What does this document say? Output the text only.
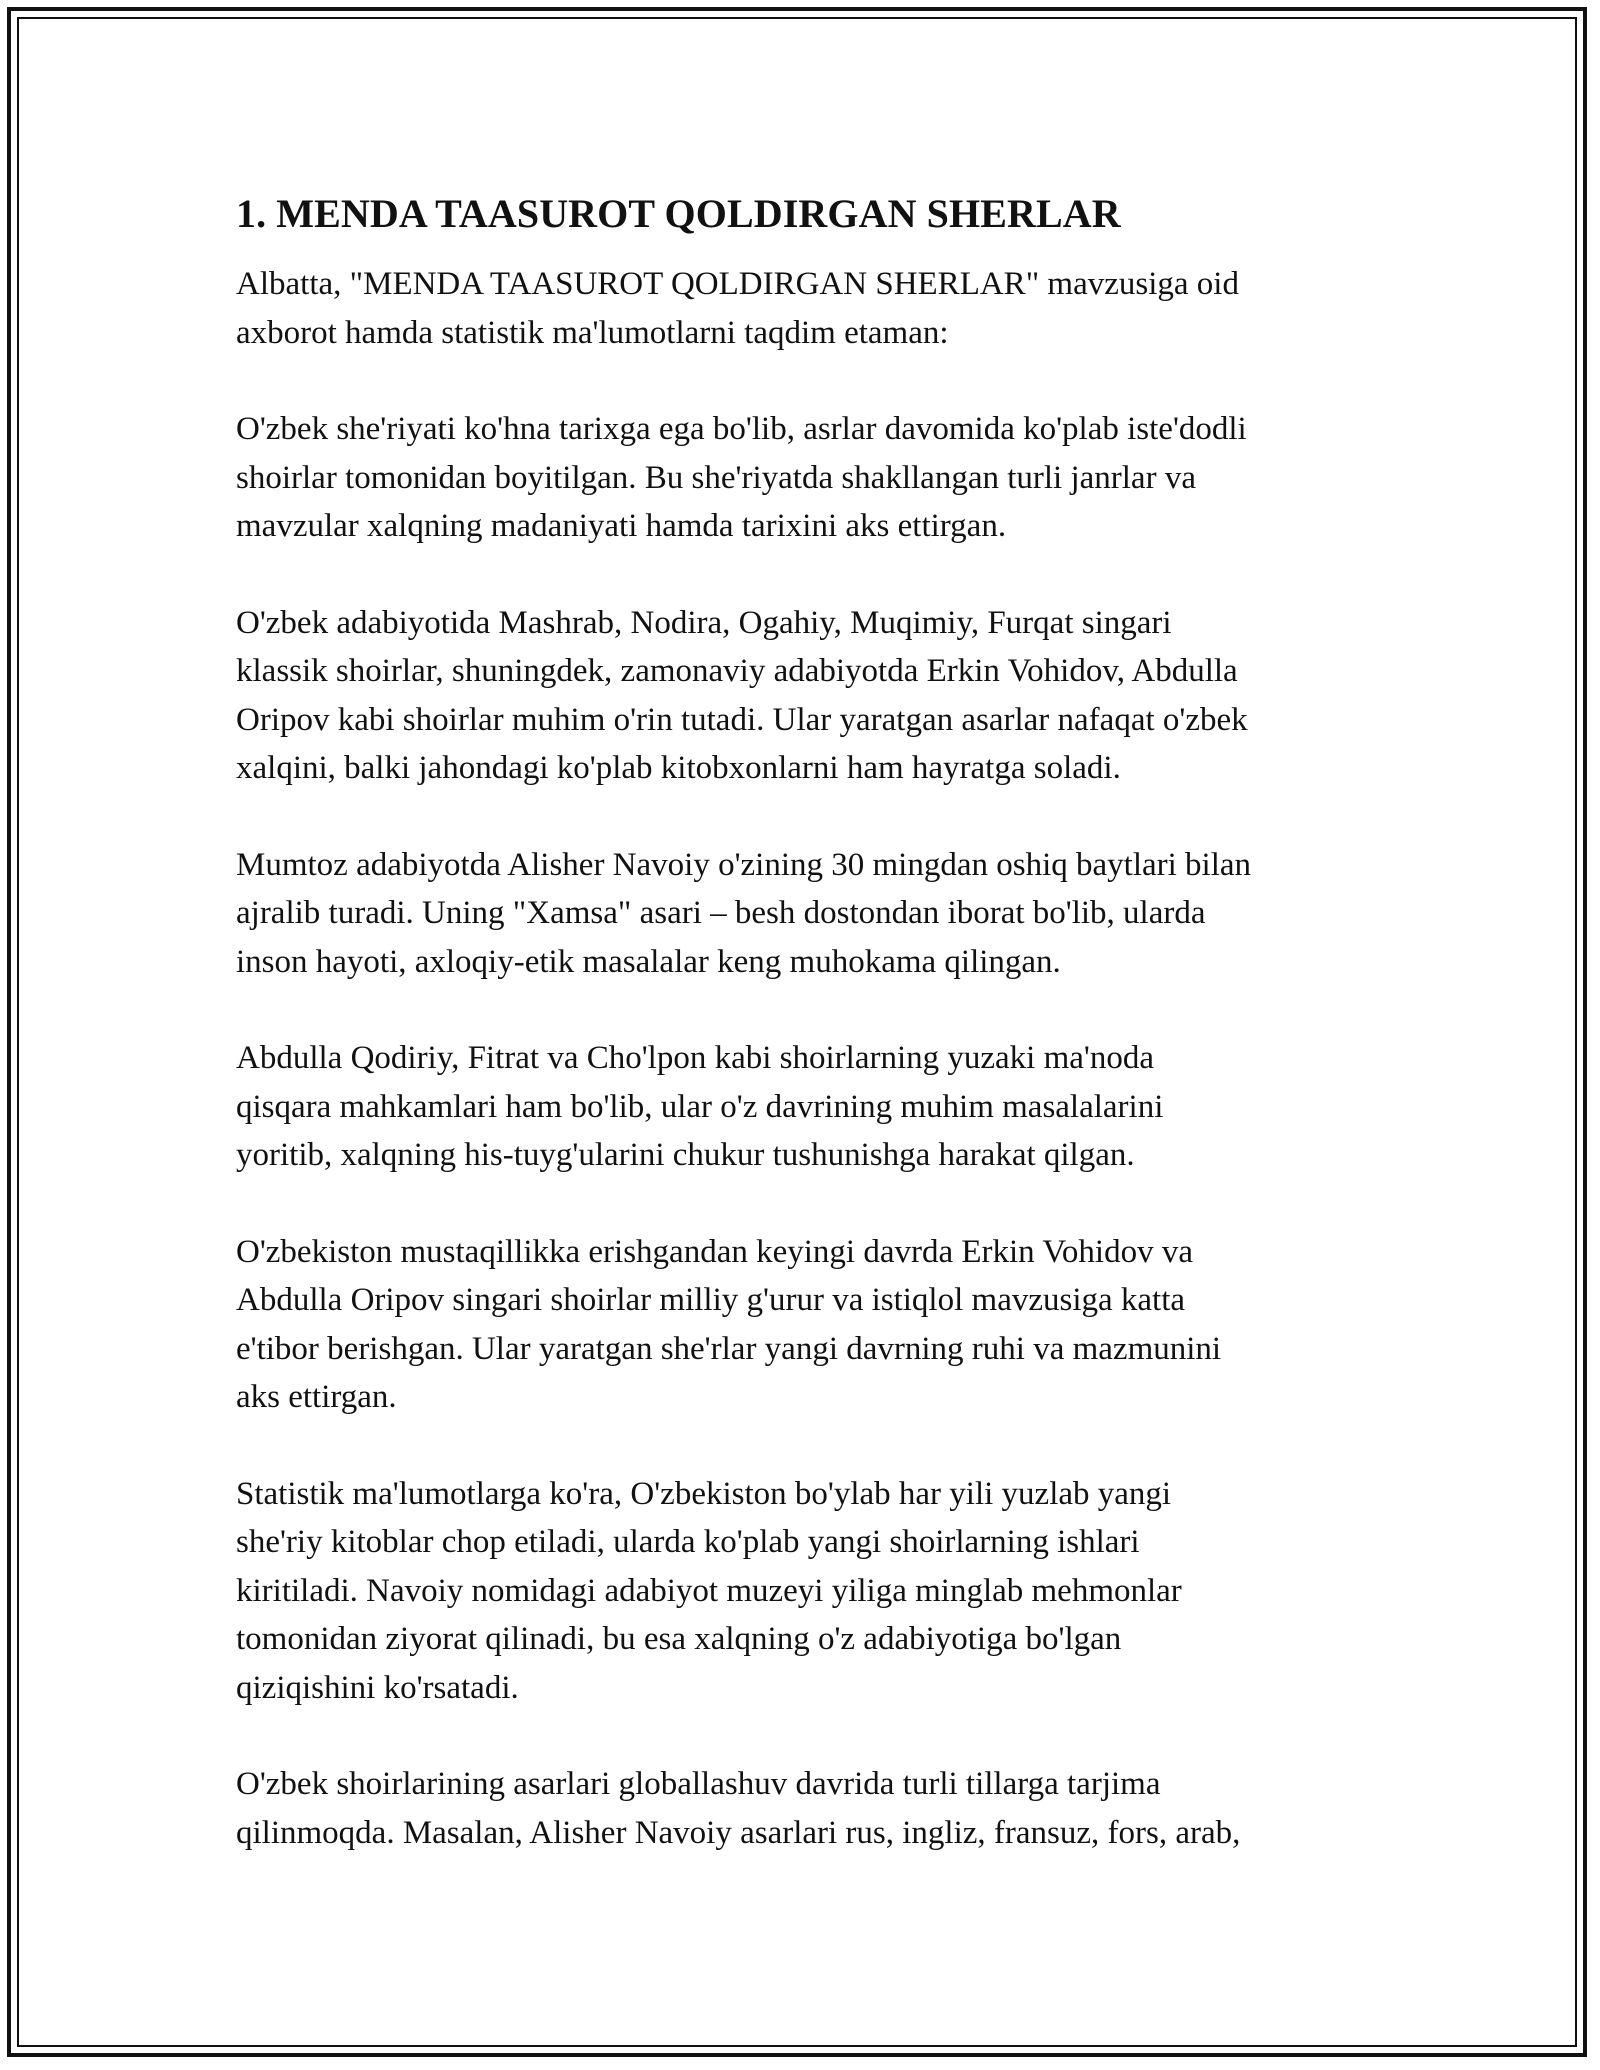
1. MENDA TAASUROT QOLDIRGAN SHERLAR
Albatta, "MENDA TAASUROT QOLDIRGAN SHERLAR" mavzusiga oid
axborot hamda statistik ma'lumotlarni taqdim etaman:
O'zbek she'riyati ko'hna tarixga ega bo'lib, asrlar davomida ko'plab iste'dodli
shoirlar tomonidan boyitilgan. Bu she'riyatda shakllangan turli janrlar va
mavzular xalqning madaniyati hamda tarixini aks ettirgan.
O'zbek adabiyotida Mashrab, Nodira, Ogahiy, Muqimiy, Furqat singari
klassik shoirlar, shuningdek, zamonaviy adabiyotda Erkin Vohidov, Abdulla
Oripov kabi shoirlar muhim o'rin tutadi. Ular yaratgan asarlar nafaqat o'zbek
xalqini, balki jahondagi ko'plab kitobxonlarni ham hayratga soladi.
Mumtoz adabiyotda Alisher Navoiy o'zining 30 mingdan oshiq baytlari bilan
ajralib turadi. Uning "Xamsa" asari – besh dostondan iborat bo'lib, ularda
inson hayoti, axloqiy-etik masalalar keng muhokama qilingan.
Abdulla Qodiriy, Fitrat va Cho'lpon kabi shoirlarning yuzaki ma'noda
qisqara mahkamlari ham bo'lib, ular o'z davrining muhim masalalarini
yoritib, xalqning his-tuyg'ularini chukur tushunishga harakat qilgan.
O'zbekiston mustaqillikka erishgandan keyingi davrda Erkin Vohidov va
Abdulla Oripov singari shoirlar milliy g'urur va istiqlol mavzusiga katta
e'tibor berishgan. Ular yaratgan she'rlar yangi davrning ruhi va mazmunini
aks ettirgan.
Statistik ma'lumotlarga ko'ra, O'zbekiston bo'ylab har yili yuzlab yangi
she'riy kitoblar chop etiladi, ularda ko'plab yangi shoirlarning ishlari
kiritiladi. Navoiy nomidagi adabiyot muzeyi yiliga minglab mehmonlar
tomonidan ziyorat qilinadi, bu esa xalqning o'z adabiyotiga bo'lgan
qiziqishini ko'rsatadi.
O'zbek shoirlarining asarlari globallashuv davrida turli tillarga tarjima
qilinmoqda. Masalan, Alisher Navoiy asarlari rus, ingliz, fransuz, fors, arab,
